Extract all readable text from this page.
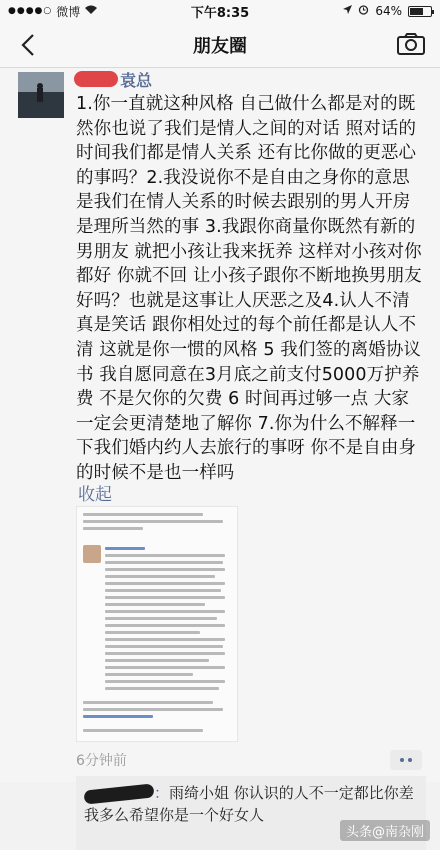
●●●●○ 微博	下午8:35	64%
朋友圈
袁总
1.你一直就这种风格 自己做什么都是对的既然你也说了我们是情人之间的对话 照对话的时间我们都是情人关系 还有比你做的更恶心的事吗？2.我没说你不是自由之身你的意思是我们在情人关系的时候去跟别的男人开房是理所当然的事 3.我跟你商量你既然有新的男朋友 就把小孩让我来抚养 这样对小孩对你都好 你就不回 让小孩子跟你不断地换男朋友好吗？也就是这事让人厌恶之及4.认人不清 真是笑话 跟你相处过的每个前任都是认人不清 这就是你一惯的风格 5 我们签的离婚协议书 我自愿同意在3月底之前支付5000万护养费 不是欠你的欠费 6 时间再过够一点 大家一定会更清楚地了解你 7.你为什么不解释一下我们婚内约人去旅行的事呀 你不是自由身的时候不是也一样吗
收起
6分钟前
：雨绮小姐 你认识的人不一定都比你差 我多么希望你是一个好女人
头条@南杂刚
